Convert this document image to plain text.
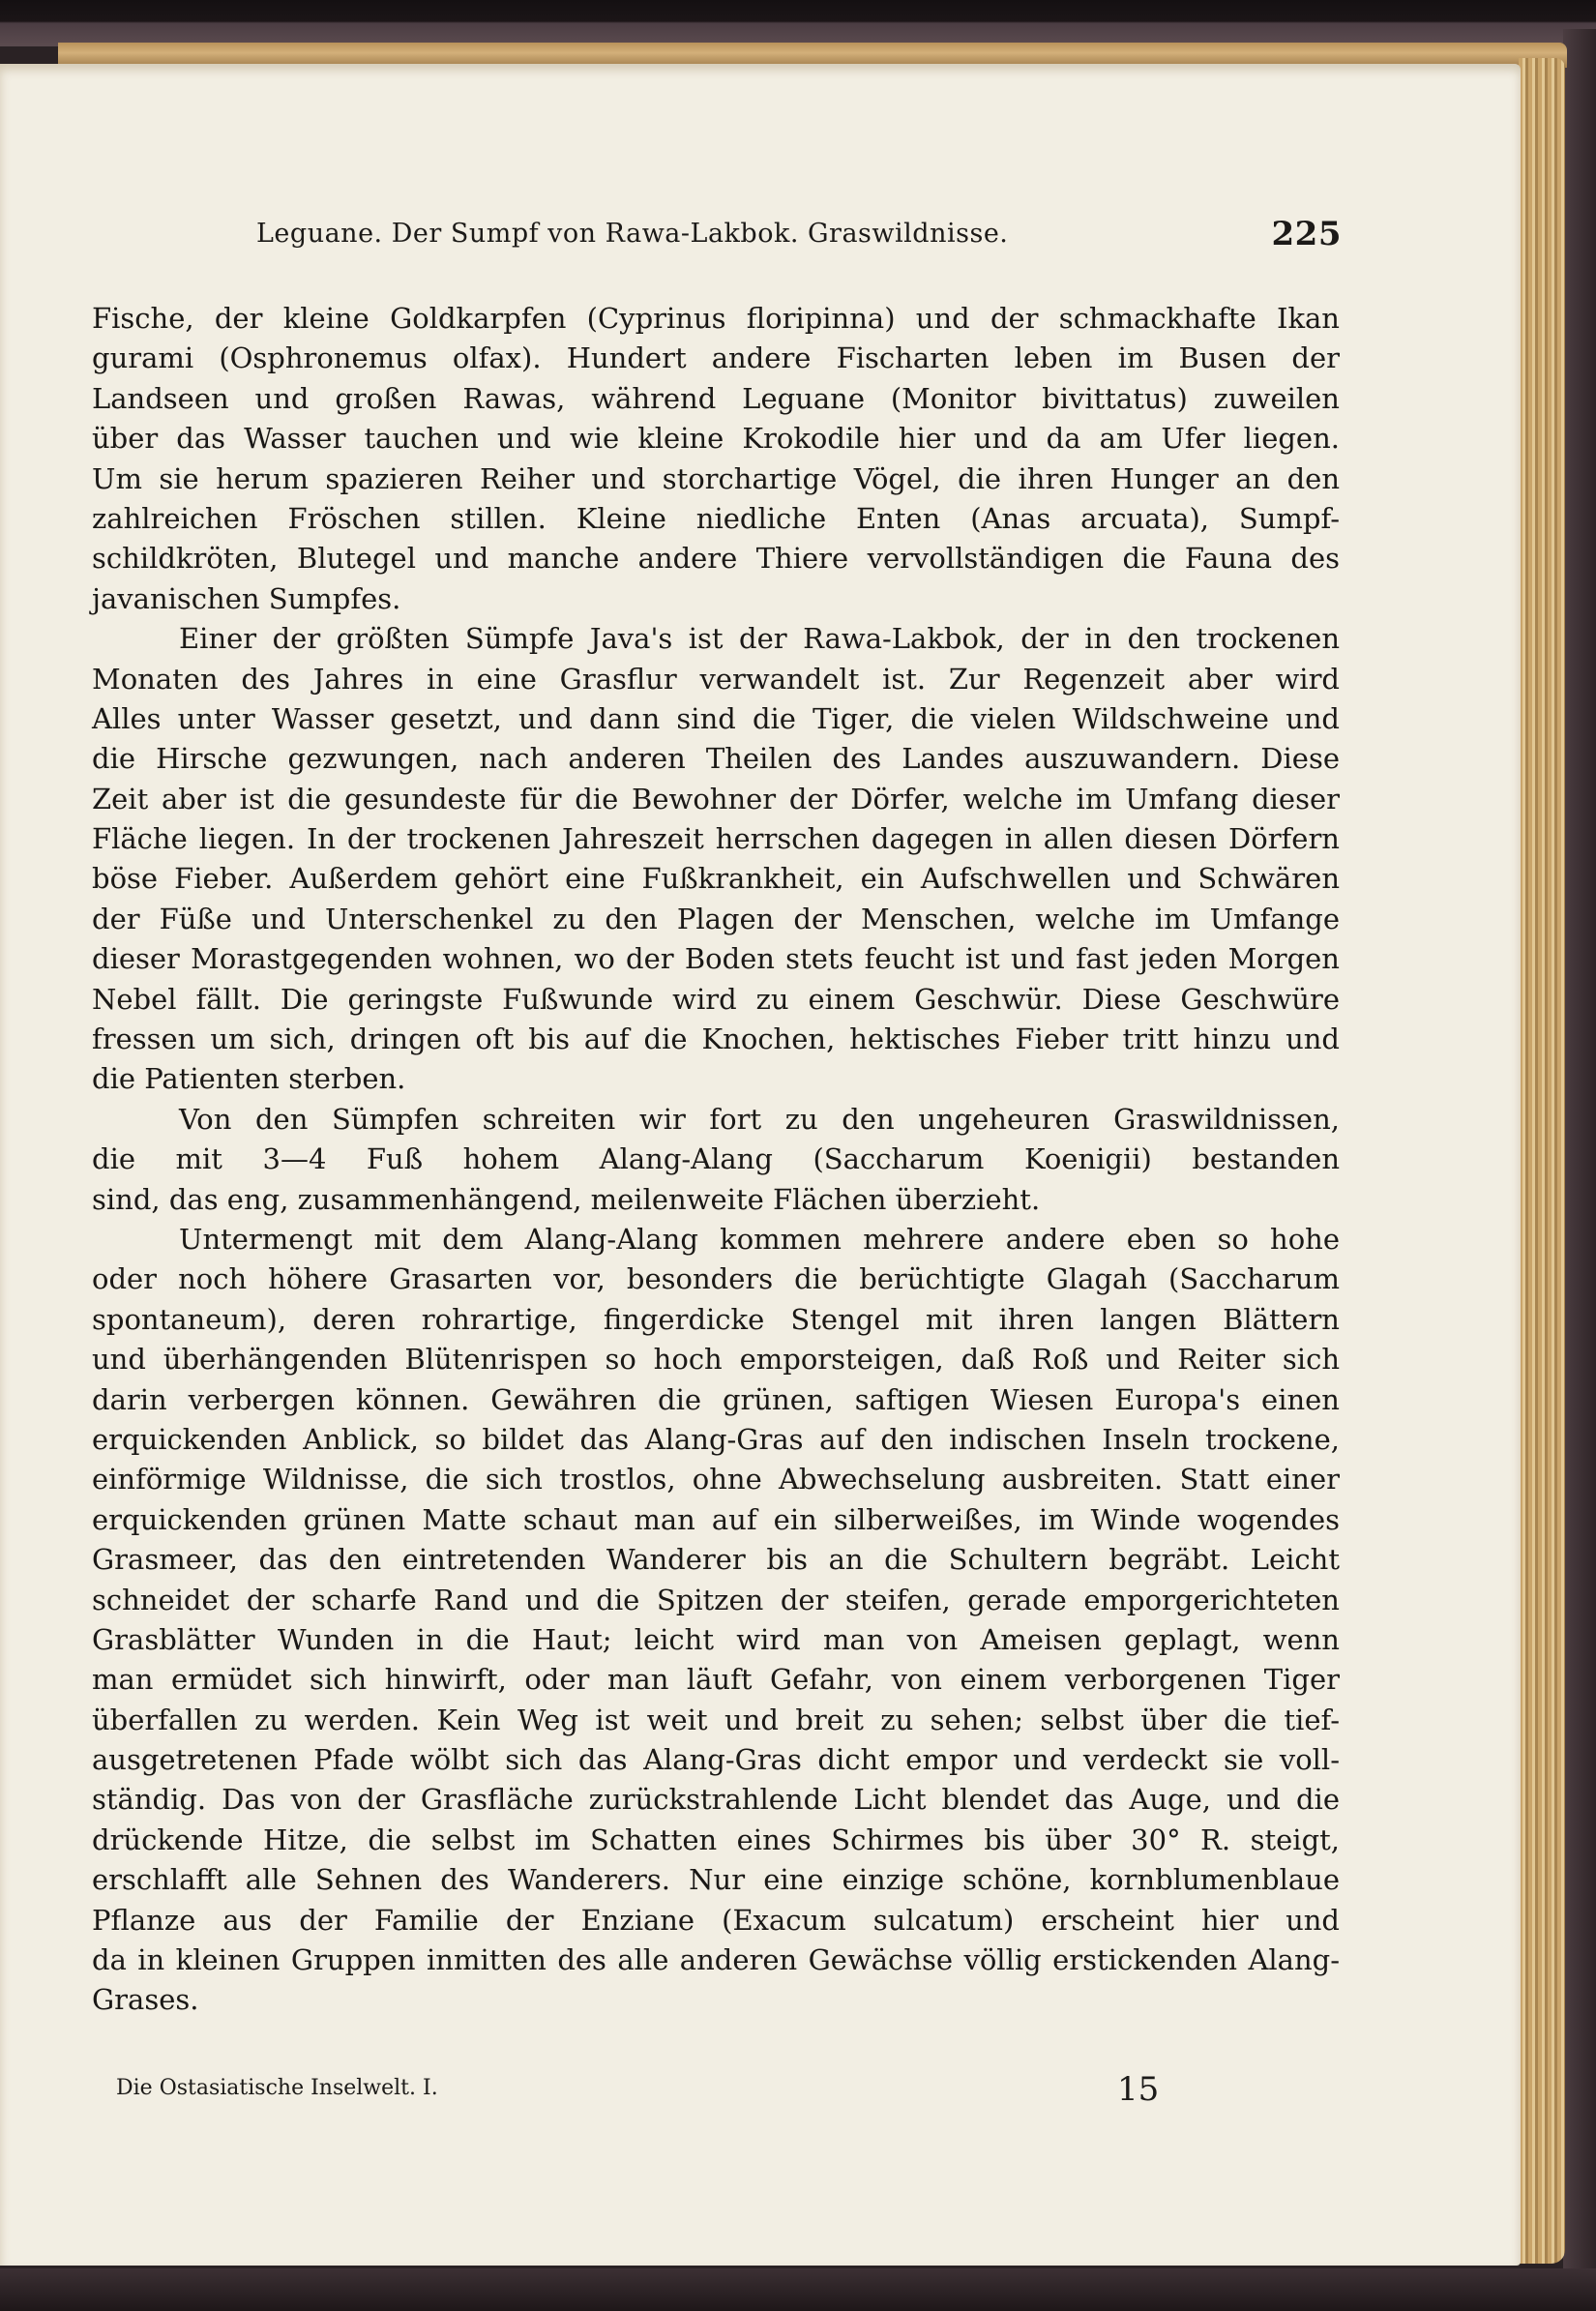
Leguane. Der Sumpf von Rawa-Lakbok. Graswildnisse.	225
Fische, der kleine Goldkarpfen (Cyprinus floripinna) und der schmackhafte Ikan
gurami (Osphronemus olfax). Hundert andere Fischarten leben im Busen der
Landseen und großen Rawas, während Leguane (Monitor bivittatus) zuweilen
über das Wasser tauchen und wie kleine Krokodile hier und da am Ufer liegen.
Um sie herum spazieren Reiher und storchartige Vögel, die ihren Hunger an den
zahlreichen Fröschen stillen. Kleine niedliche Enten (Anas arcuata), Sumpf-
schildkröten, Blutegel und manche andere Thiere vervollständigen die Fauna des
javanischen Sumpfes.
Einer der größten Sümpfe Java's ist der Rawa-Lakbok, der in den trockenen
Monaten des Jahres in eine Grasflur verwandelt ist. Zur Regenzeit aber wird
Alles unter Wasser gesetzt, und dann sind die Tiger, die vielen Wildschweine und
die Hirsche gezwungen, nach anderen Theilen des Landes auszuwandern. Diese
Zeit aber ist die gesundeste für die Bewohner der Dörfer, welche im Umfang dieser
Fläche liegen. In der trockenen Jahreszeit herrschen dagegen in allen diesen Dörfern
böse Fieber. Außerdem gehört eine Fußkrankheit, ein Aufschwellen und Schwären
der Füße und Unterschenkel zu den Plagen der Menschen, welche im Umfange
dieser Morastgegenden wohnen, wo der Boden stets feucht ist und fast jeden Morgen
Nebel fällt. Die geringste Fußwunde wird zu einem Geschwür. Diese Geschwüre
fressen um sich, dringen oft bis auf die Knochen, hektisches Fieber tritt hinzu und
die Patienten sterben.
Von den Sümpfen schreiten wir fort zu den ungeheuren Graswildnissen,
die mit 3—4 Fuß hohem Alang-Alang (Saccharum Koenigii) bestanden
sind, das eng, zusammenhängend, meilenweite Flächen überzieht.
Untermengt mit dem Alang-Alang kommen mehrere andere eben so hohe
oder noch höhere Grasarten vor, besonders die berüchtigte Glagah (Saccharum
spontaneum), deren rohrartige, fingerdicke Stengel mit ihren langen Blättern
und überhängenden Blütenrispen so hoch emporsteigen, daß Roß und Reiter sich
darin verbergen können. Gewähren die grünen, saftigen Wiesen Europa's einen
erquickenden Anblick, so bildet das Alang-Gras auf den indischen Inseln trockene,
einförmige Wildnisse, die sich trostlos, ohne Abwechselung ausbreiten. Statt einer
erquickenden grünen Matte schaut man auf ein silberweißes, im Winde wogendes
Grasmeer, das den eintretenden Wanderer bis an die Schultern begräbt. Leicht
schneidet der scharfe Rand und die Spitzen der steifen, gerade emporgerichteten
Grasblätter Wunden in die Haut; leicht wird man von Ameisen geplagt, wenn
man ermüdet sich hinwirft, oder man läuft Gefahr, von einem verborgenen Tiger
überfallen zu werden. Kein Weg ist weit und breit zu sehen; selbst über die tief-
ausgetretenen Pfade wölbt sich das Alang-Gras dicht empor und verdeckt sie voll-
ständig. Das von der Grasfläche zurückstrahlende Licht blendet das Auge, und die
drückende Hitze, die selbst im Schatten eines Schirmes bis über 30° R. steigt,
erschlafft alle Sehnen des Wanderers. Nur eine einzige schöne, kornblumenblaue
Pflanze aus der Familie der Enziane (Exacum sulcatum) erscheint hier und
da in kleinen Gruppen inmitten des alle anderen Gewächse völlig erstickenden Alang-
Grases.
Die Ostasiatische Inselwelt. I.	15
